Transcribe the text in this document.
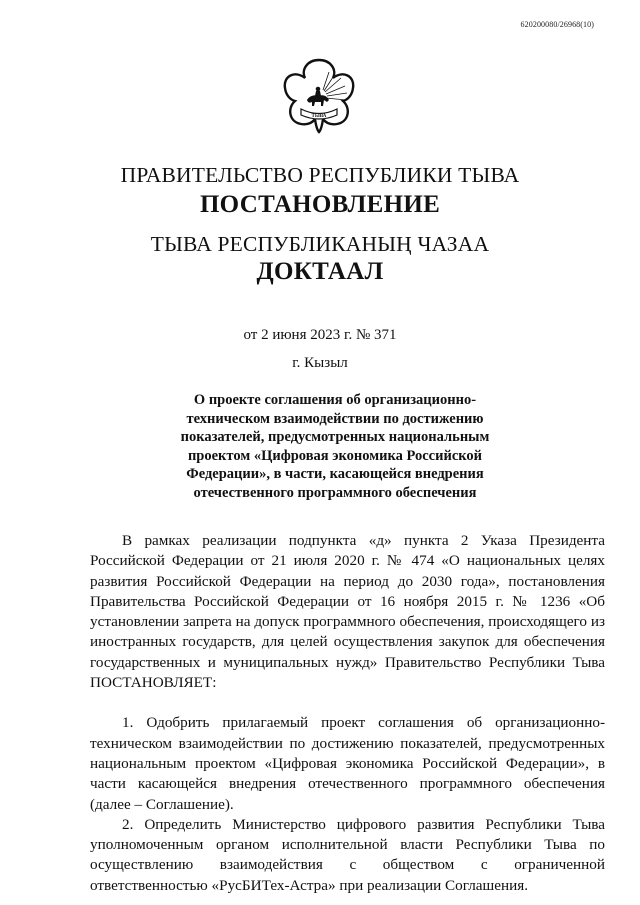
620200080/26968(10)
ТЫВА
ПРАВИТЕЛЬСТВО РЕСПУБЛИКИ ТЫВА
ПОСТАНОВЛЕНИЕ
ТЫВА РЕСПУБЛИКАНЫҢ ЧАЗАА
ДОКТААЛ
от 2 июня 2023 г. № 371
г. Кызыл
О проекте соглашения об организационно-
техническом взаимодействии по достижению
показателей, предусмотренных национальным
проектом «Цифровая экономика Российской
Федерации», в части, касающейся внедрения
отечественного программного обеспечения

В рамках реализации подпункта «д» пункта 2 Указа Президента Российской Федерации от 21 июля 2020 г. № 474 «О национальных целях развития Российской Федерации на период до 2030 года», постановления Правительства Российской Федерации от 16 ноября 2015 г. № 1236 «Об установлении запрета на допуск программного обеспечения, происходящего из иностранных государств, для целей осуществления закупок для обеспечения государственных и муниципальных нужд» Правительство Республики Тыва ПОСТАНОВЛЯЕТ:

1. Одобрить прилагаемый проект соглашения об организационно-техническом взаимодействии по достижению показателей, предусмотренных национальным проектом «Цифровая экономика Российской Федерации», в части касающейся внедрения отечественного программного обеспечения (далее – Соглашение).

2. Определить Министерство цифрового развития Республики Тыва уполномоченным органом исполнительной власти Республики Тыва по осуществлению взаимодействия с обществом с ограниченной ответственностью «РусБИТех-Астра» при реализации Соглашения.
